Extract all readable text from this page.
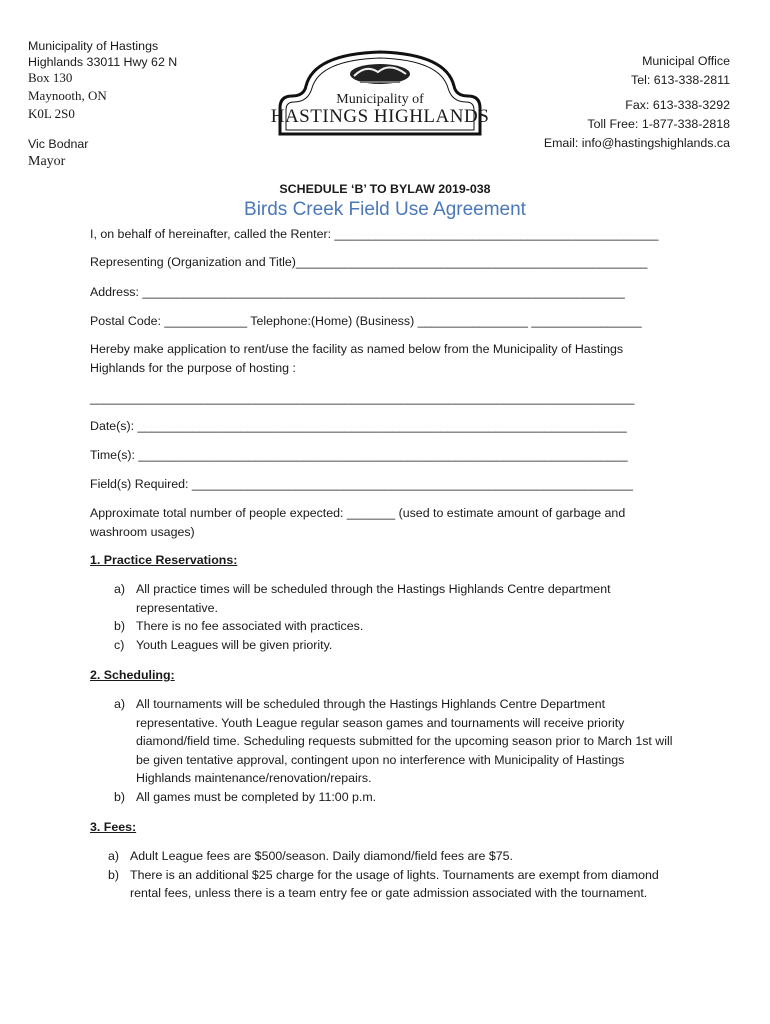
Municipality of Hastings
Highlands 33011 Hwy 62 N
Box 130
Maynooth, ON
K0L 2S0
Vic Bodnar
Mayor
Municipality of
HASTINGS HIGHLANDS
Municipal Office
Tel: 613-338-2811
Fax: 613-338-3292
Toll Free: 1-877-338-2818
Email: info@hastingshighlands.ca
SCHEDULE ‘B’ TO BYLAW 2019-038
Birds Creek Field Use Agreement
I, on behalf of hereinafter, called the Renter: _______________________________________________
Representing (Organization and Title)___________________________________________________
Address: ______________________________________________________________________
Postal Code: ____________ Telephone:(Home) (Business) ________________ ________________
Hereby make application to rent/use the facility as named below from the Municipality of Hastings Highlands for the purpose of hosting :
_______________________________________________________________________________
Date(s): _______________________________________________________________________
Time(s): _______________________________________________________________________
Field(s) Required: ________________________________________________________________
Approximate total number of people expected: _______ (used to estimate amount of garbage and washroom usages)
1. Practice Reservations:
a) All practice times will be scheduled through the Hastings Highlands Centre department representative.
b) There is no fee associated with practices.
c) Youth Leagues will be given priority.
2. Scheduling:
a) All tournaments will be scheduled through the Hastings Highlands Centre Department representative. Youth League regular season games and tournaments will receive priority diamond/field time. Scheduling requests submitted for the upcoming season prior to March 1st will be given tentative approval, contingent upon no interference with Municipality of Hastings Highlands maintenance/renovation/repairs.
b) All games must be completed by 11:00 p.m.
3. Fees:
a) Adult League fees are $500/season. Daily diamond/field fees are $75.
b) There is an additional $25 charge for the usage of lights. Tournaments are exempt from diamond rental fees, unless there is a team entry fee or gate admission associated with the tournament.
